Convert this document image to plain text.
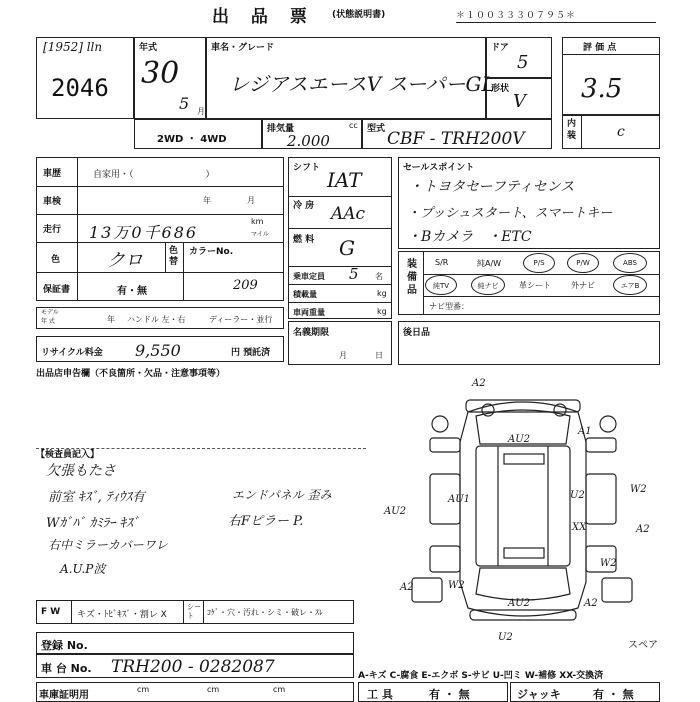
出 品 票 (状態説明書)	＊１００３３３０７９５＊
[1952] lln
2046
年式
30
5 月
車名・グレード
レジアスエースV スーパーGL
ドア
5
形状
V
評 価 点
3.5
内
装	c
2WD ・ 4WD
排気量	cc
2.000
型式 CBF - TRH200V
車歴	自家用・（　　　　　　　　）
車検	年	月
走行 13万0千686
km
マイル
色	クロ	色
替
カラーNo.
保証書	有・無	209
モデル
年 式	年 ハンドル 左・右	ディーラー・並行
リサイクル料金 9,550	円 預託済
シフト IAT
冷 房 AAc
燃 料 G
乗車定員 5 名
積載量	kg
車両重量	kg
名義期限
月	日
セールスポイント
・トヨタセーフティセンス
・プッシュスタート、スマートキー
・Bカメラ　・ETC
装
備
品
S/R	純A/W	P/S	P/W	ABS
純TV	純ナビ	革シート	外ナビ	エアB
ナビ型番：
後日品
出品店申告欄（不良箇所・欠品・注意事項等）
【検査員記入】
欠張もたさ
前室 ｷｽﾞ, ﾃｨｳｽ有
Wｶﾞﾊﾞ ｶﾐﾗｰ ｷｽﾞ
右中ミラーカバーワレ
A.U.P波
エンドパネル 歪み
右Fピラー P.
A2
AU2
A1
AU1	U2
W2
XX	A2
AU2
A2	W2
W2
AU2	A2
U2
スペア
A-キズ C-腐食 E-エクボ S-サビ U-凹ミ W-補修 XX-交換済
F W キズ・ﾄﾋﾞｷｽﾞ・割レ X
シー
ト	ｺｹﾞ・穴・汚れ・シミ・破レ・ｽﾚ
登録 No.
車 台 No. TRH200 - 0282087
車庫証明用
cm	cm	cm	工 具	有 ・ 無	ジャッキ	有 ・ 無
